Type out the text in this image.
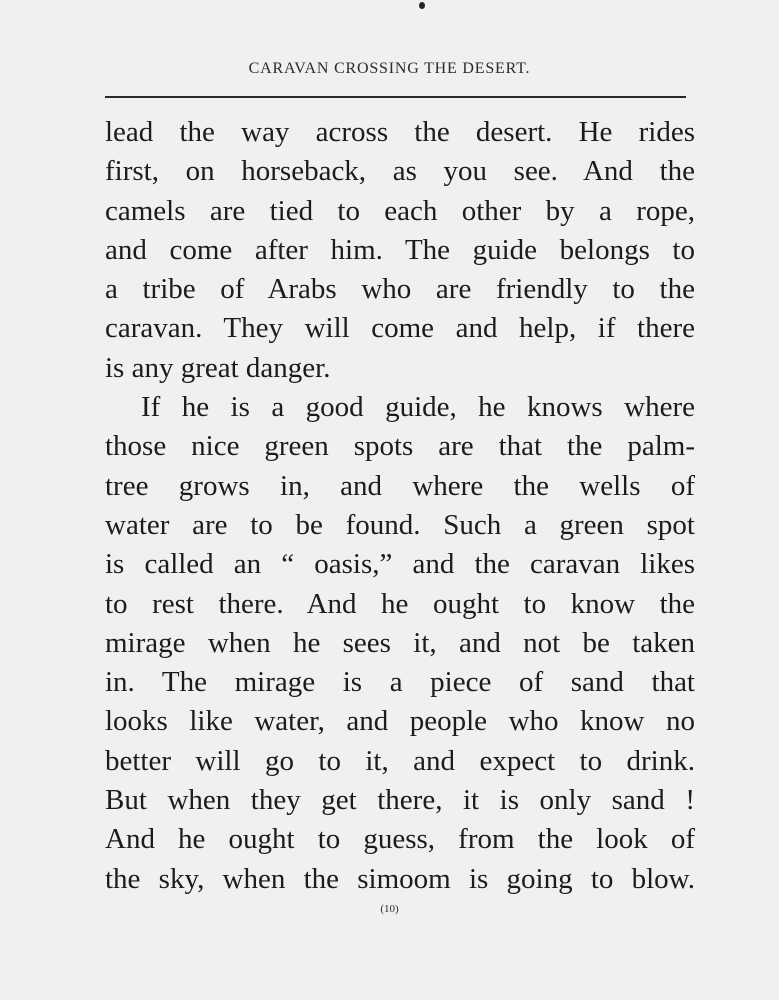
CARAVAN CROSSING THE DESERT.
lead the way across the desert. He rides
first, on horseback, as you see. And the
camels are tied to each other by a rope,
and come after him. The guide belongs to
a tribe of Arabs who are friendly to the
caravan. They will come and help, if there
is any great danger.
If he is a good guide, he knows where
those nice green spots are that the palm-
tree grows in, and where the wells of
water are to be found. Such a green spot
is called an “ oasis,” and the caravan likes
to rest there. And he ought to know the
mirage when he sees it, and not be taken
in. The mirage is a piece of sand that
looks like water, and people who know no
better will go to it, and expect to drink.
But when they get there, it is only sand !
And he ought to guess, from the look of
the sky, when the simoom is going to blow.
(10)
